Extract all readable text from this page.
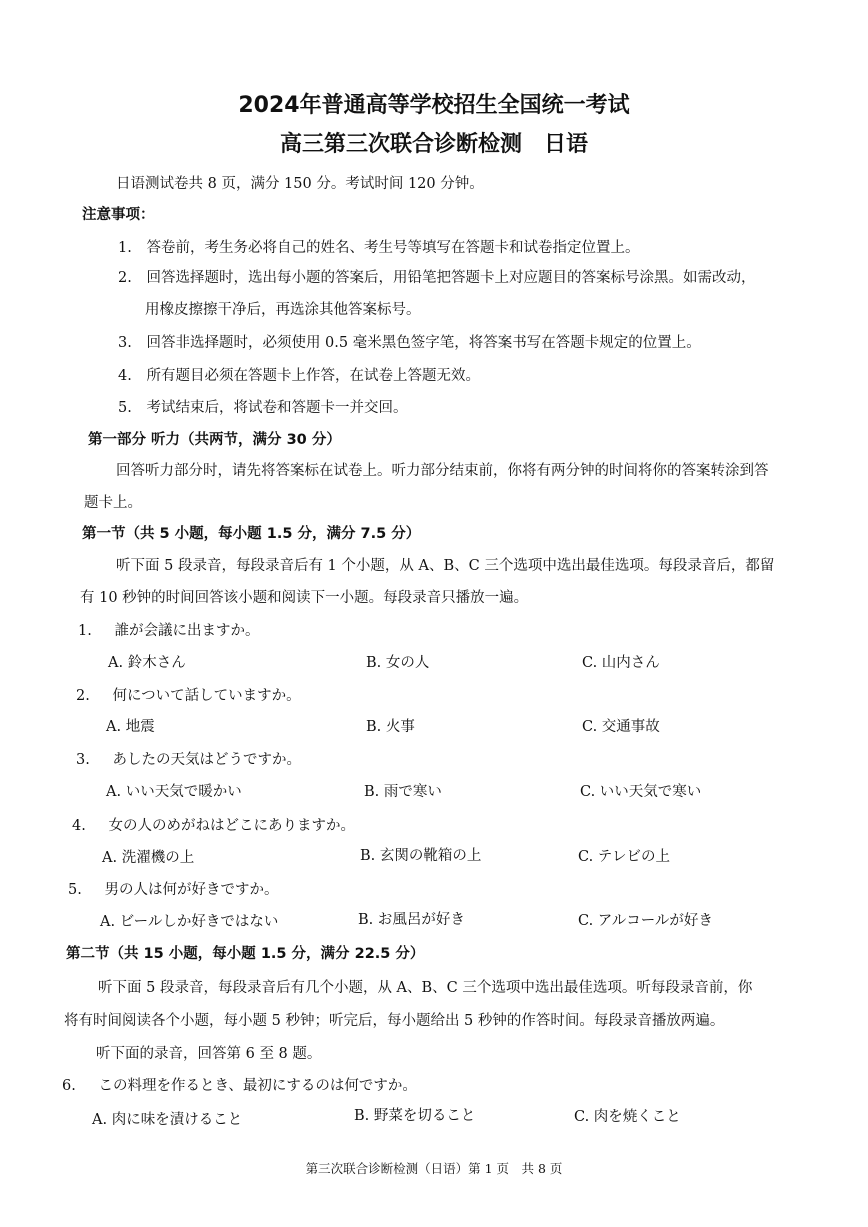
2024年普通高等学校招生全国统一考试
高三第三次联合诊断检测　日语
日语测试卷共 8 页，满分 150 分。考试时间 120 分钟。
注意事项：
1. 答卷前，考生务必将自己的姓名、考生号等填写在答题卡和试卷指定位置上。
2. 回答选择题时，选出每小题的答案后，用铅笔把答题卡上对应题目的答案标号涂黑。如需改动，
用橡皮擦擦干净后，再选涂其他答案标号。
3. 回答非选择题时，必须使用 0.5 毫米黑色签字笔，将答案书写在答题卡规定的位置上。
4. 所有题目必须在答题卡上作答，在试卷上答题无效。
5. 考试结束后，将试卷和答题卡一并交回。
第一部分 听力（共两节，满分 30 分）
回答听力部分时，请先将答案标在试卷上。听力部分结束前，你将有两分钟的时间将你的答案转涂到答
题卡上。
第一节（共 5 小题，每小题 1.5 分，满分 7.5 分）
听下面 5 段录音，每段录音后有 1 个小题，从 A、B、C 三个选项中选出最佳选项。每段录音后，都留
有 10 秒钟的时间回答该小题和阅读下一小题。每段录音只播放一遍。
1. 誰が会議に出ますか。
A. 鈴木さん	B. 女の人	C. 山内さん
2. 何について話していますか。
A. 地震	B. 火事	C. 交通事故
3. あしたの天気はどうですか。
A. いい天気で暖かい	B. 雨で寒い	C. いい天気で寒い
4. 女の人のめがねはどこにありますか。
A. 洗濯機の上	B. 玄関の靴箱の上	C. テレビの上
5. 男の人は何が好きですか。
A. ビールしか好きではない	B. お風呂が好き	C. アルコールが好き
第二节（共 15 小题，每小题 1.5 分，满分 22.5 分）
听下面 5 段录音，每段录音后有几个小题，从 A、B、C 三个选项中选出最佳选项。听每段录音前，你
将有时间阅读各个小题，每小题 5 秒钟；听完后，每小题给出 5 秒钟的作答时间。每段录音播放两遍。
听下面的录音，回答第 6 至 8 题。
6. この料理を作るとき、最初にするのは何ですか。
A. 肉に味を漬けること	B. 野菜を切ること	C. 肉を焼くこと
第三次联合诊断检测（日语）第 1 页　共 8 页
